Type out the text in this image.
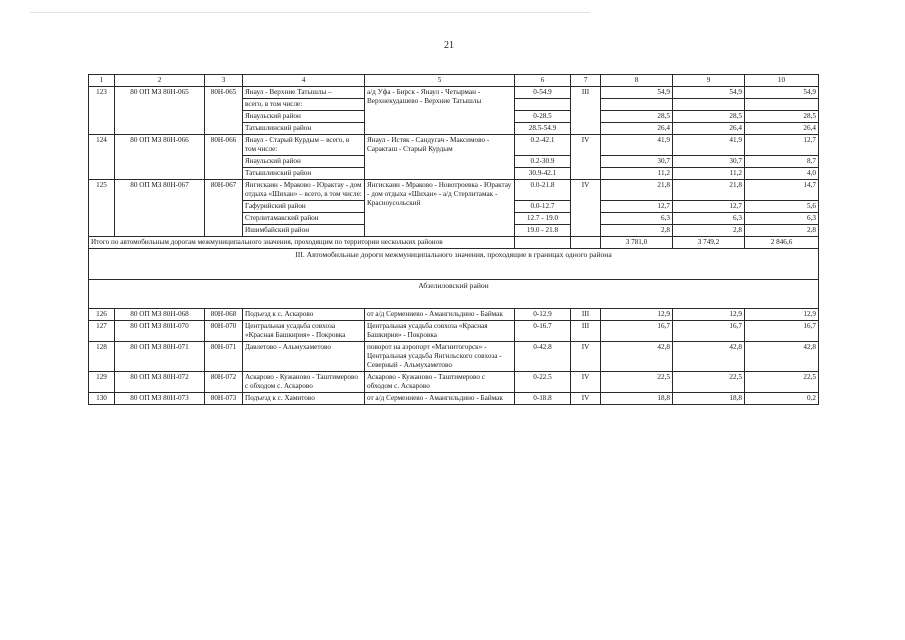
21
1	2	3	4	5	6	7	8	9	10
123	80 ОП МЗ 80Н-065	80Н-065	Янаул - Верхние Татышлы –	а/д Уфа - Бирск - Янаул - Четырман - Верхнекудашево - Верхние Татышлы	0-54.9	III	54,9	54,9	54,9
			всего, в том числе:						
			Янаульский район		0-28.5		28,5	28,5	28,5
			Татышлинский район		28.5-54.9		26,4	26,4	26,4
124	80 ОП МЗ 80Н-066	80Н-066	Янаул - Старый Курдым – всего, в том числе:	Янаул - Истяк - Сандугач - Максимово - Саракташ - Старый Курдым	0.2-42.1	IV	41,9	41,9	12,7
			Янаульский район		0.2-30.9		30,7	30,7	8,7
			Татышлинский район		30.9-42.1		11,2	11,2	4,0
125	80 ОП МЗ 80Н-067	80Н-067	Янгискаин - Мраково - Юрактау - дом отдыха «Шихан» – всего, в том числе:	Янгискаин - Мраково - Новотроевка - Юрактау - дом отдыха «Шихан» - а/д Стерлитамак - Красноусольский	0.0-21.8	IV	21,8	21,8	14,7
			Гафурийский район		0.0-12.7		12,7	12,7	5,6
			Стерлитамакский район		12.7 - 19.0		6,3	6,3	6,3
			Ишимбайский район		19.0 - 21.8		2,8	2,8	2,8
Итого по автомобильным дорогам межмуниципального значения, проходящим по территории нескольких районов							3 781,0	3 749,2	2 846,6
III. Автомобильные дороги межмуниципального значения, проходящие в границах одного района									
Абзелиловский район									
126	80 ОП МЗ 80Н-068	80Н-068	Подъезд к с. Аскарово	от а/д Сермениево - Амангильдино - Баймак	0-12.9	III	12,9	12,9	12,9
127	80 ОП МЗ 80Н-070	80Н-070	Центральная усадьба совхоза «Красная Башкирия» - Покровка	Центральная усадьба совхоза «Красная Башкирия» - Покровка	0-16.7	III	16,7	16,7	16,7
128	80 ОП МЗ 80Н-071	80Н-071	Давлетово - Альмухаметово	поворот на аэропорт «Магнитогорск» - Центральная усадьба Янгильского совхоза - Северный - Альмухаметово	0-42.8	IV	42,8	42,8	42,8
129	80 ОП МЗ 80Н-072	80Н-072	Аскарово - Кужаново - Таштимерово с обходом с. Аскарово	Аскарово - Кужаново - Таштимерово с обходом с. Аскарово	0-22.5	IV	22,5	22,5	22,5
130	80 ОП МЗ 80Н-073	80Н-073	Подъезд к с. Хамитово	от а/д Сермениево - Амангильдино - Баймак	0-18.8	IV	18,8	18,8	0,2
